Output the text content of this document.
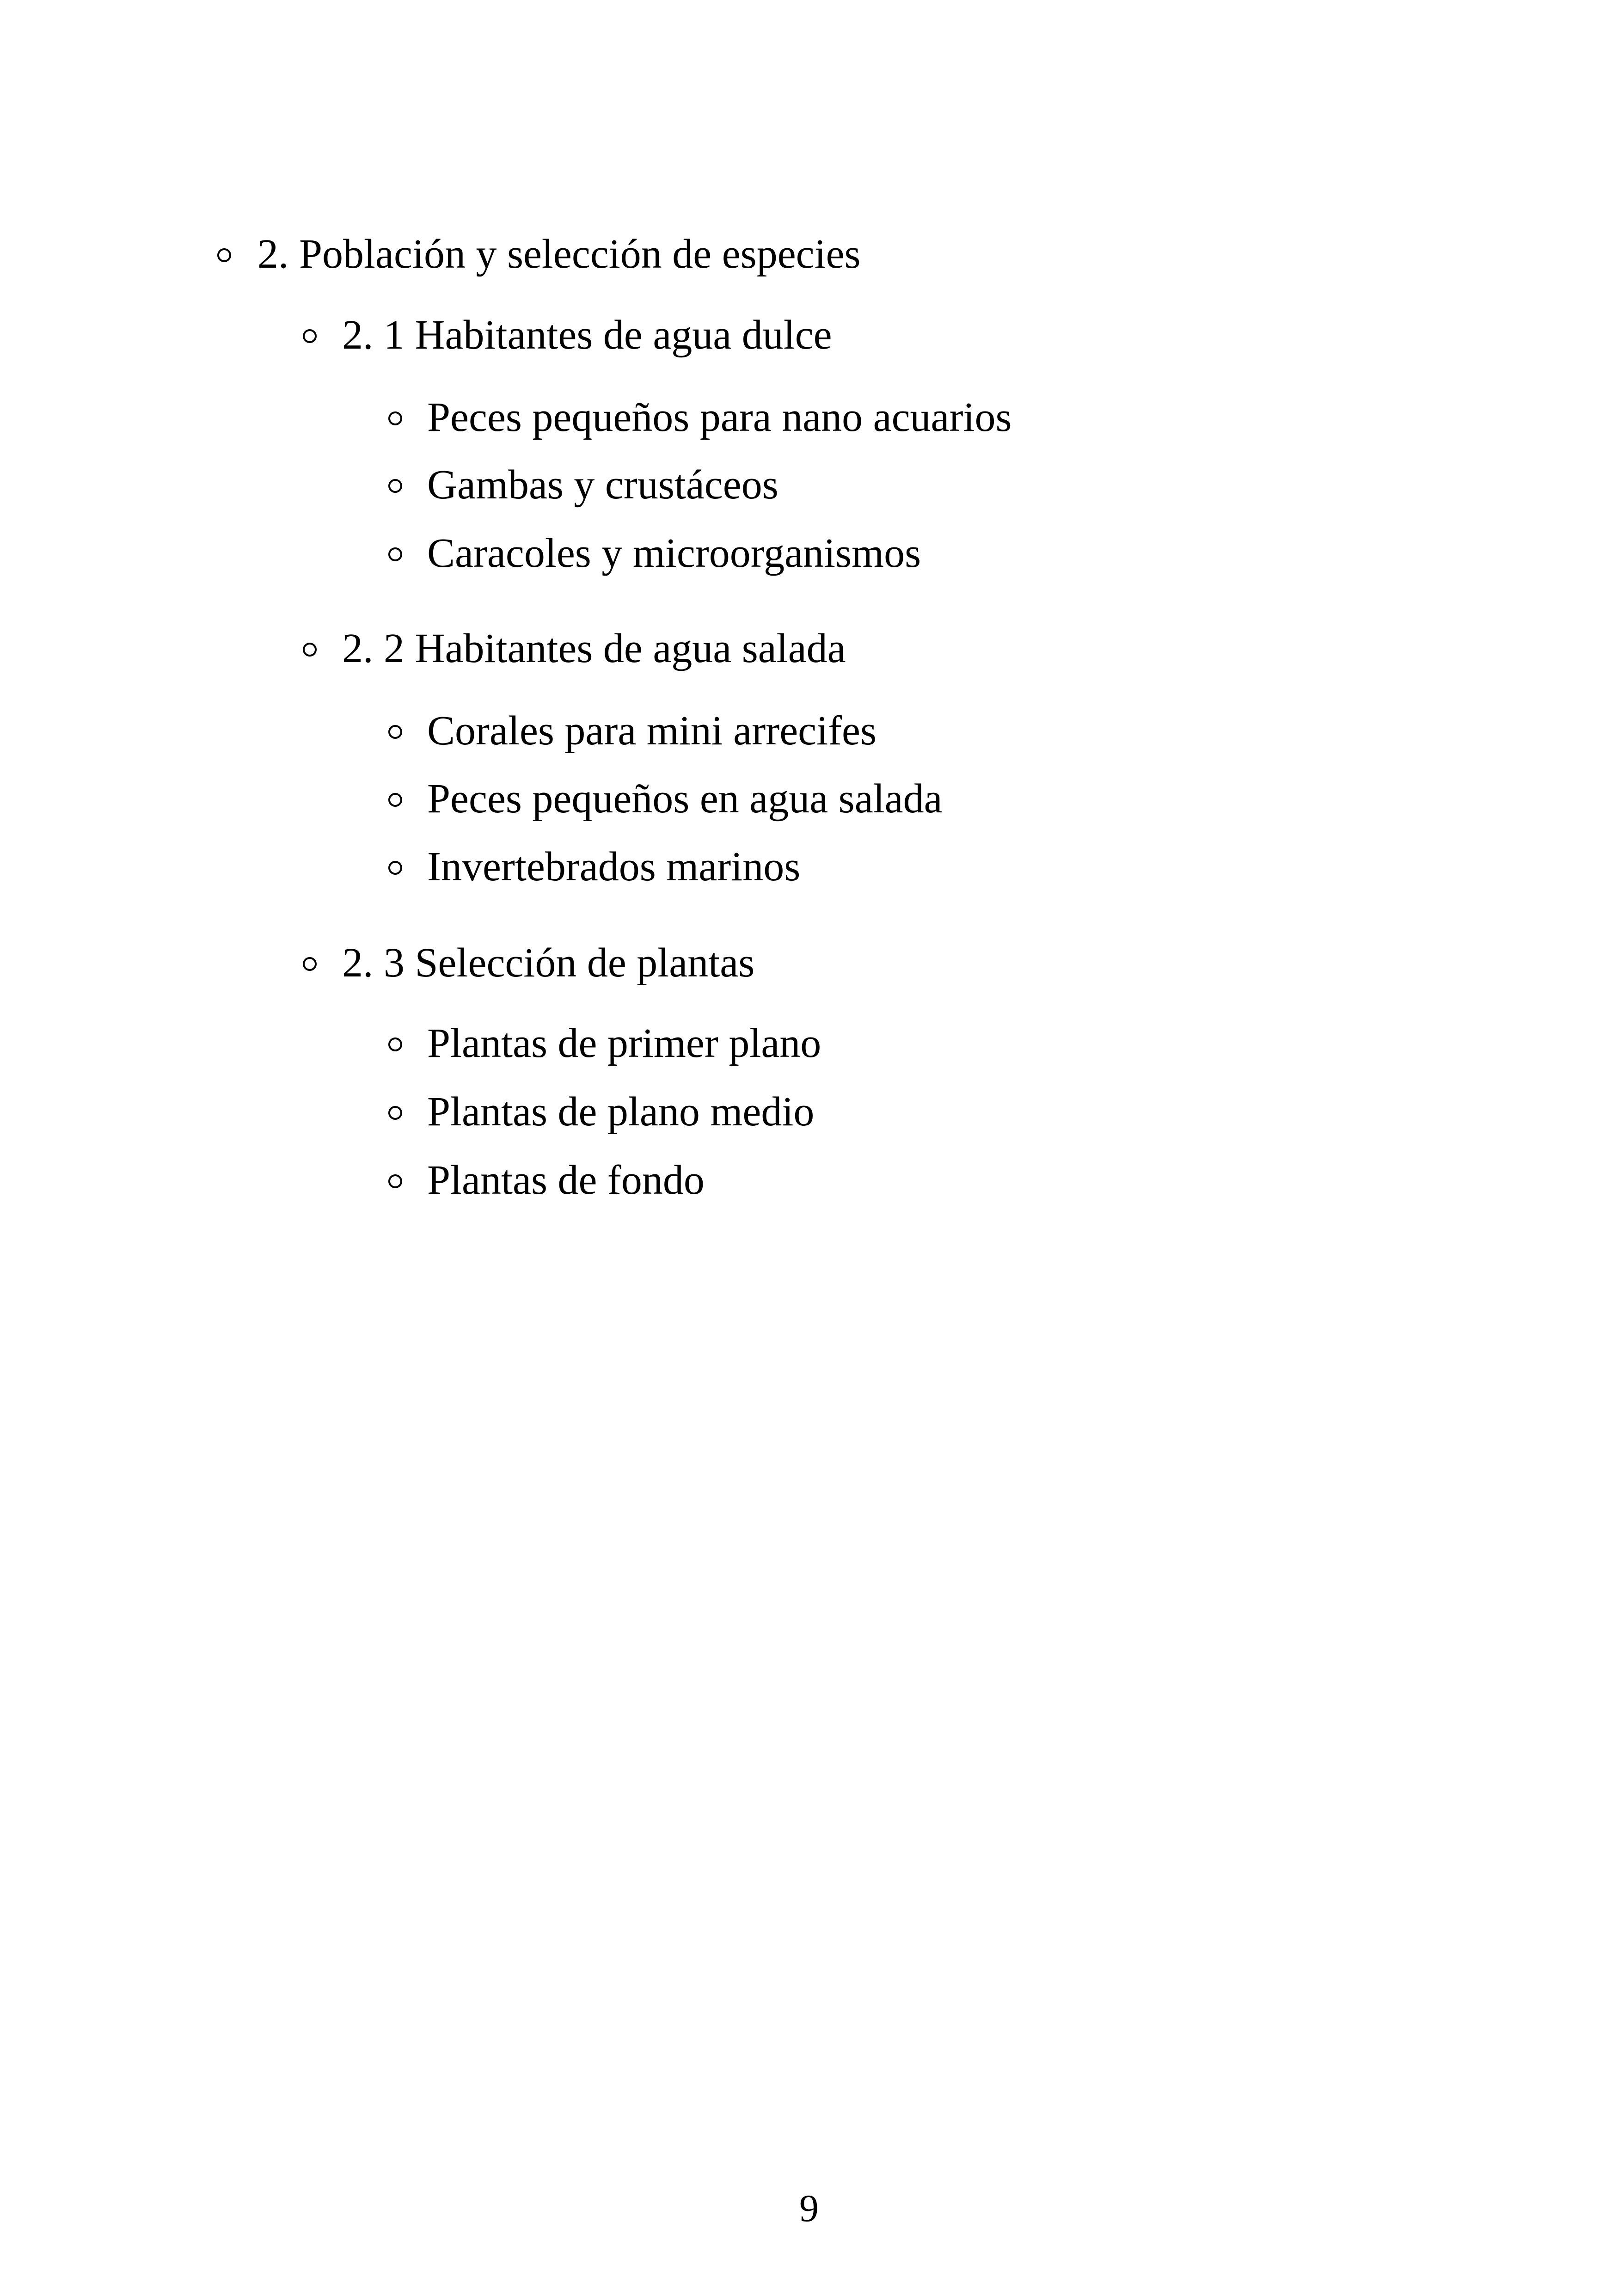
2. Población y selección de especies
2. 1 Habitantes de agua dulce
Peces pequeños para nano acuarios
Gambas y crustáceos
Caracoles y microorganismos
2. 2 Habitantes de agua salada
Corales para mini arrecifes
Peces pequeños en agua salada
Invertebrados marinos
2. 3 Selección de plantas
Plantas de primer plano
Plantas de plano medio
Plantas de fondo
9
